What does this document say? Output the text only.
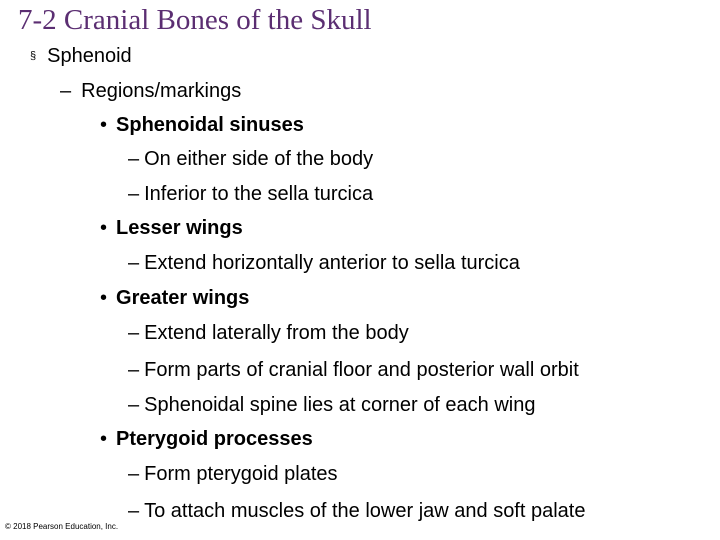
7-2 Cranial Bones of the Skull
§ Sphenoid
– Regions/markings
• Sphenoidal sinuses
– On either side of the body
– Inferior to the sella turcica
• Lesser wings
– Extend horizontally anterior to sella turcica
• Greater wings
– Extend laterally from the body
– Form parts of cranial floor and posterior wall orbit
– Sphenoidal spine lies at corner of each wing
• Pterygoid processes
– Form pterygoid plates
– To attach muscles of the lower jaw and soft palate
© 2018 Pearson Education, Inc.
